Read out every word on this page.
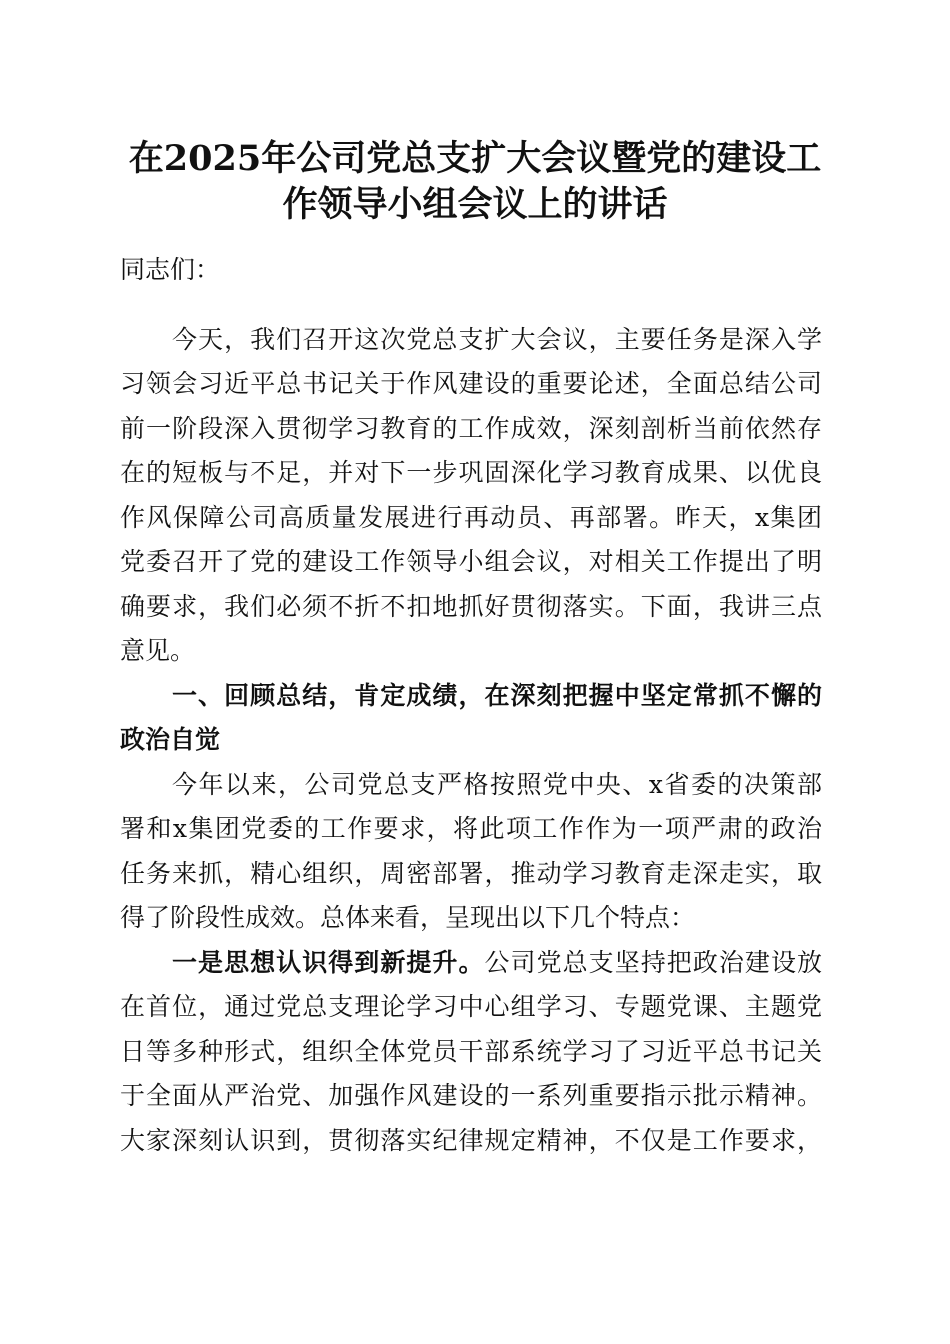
在2025年公司党总支扩大会议暨党的建设工
作领导小组会议上的讲话
同志们：
今天，我们召开这次党总支扩大会议，主要任务是深入学
习领会习近平总书记关于作风建设的重要论述，全面总结公司
前一阶段深入贯彻学习教育的工作成效，深刻剖析当前依然存
在的短板与不足，并对下一步巩固深化学习教育成果、以优良
作风保障公司高质量发展进行再动员、再部署。昨天，x集团
党委召开了党的建设工作领导小组会议，对相关工作提出了明
确要求，我们必须不折不扣地抓好贯彻落实。下面，我讲三点
意见。
一、回顾总结，肯定成绩，在深刻把握中坚定常抓不懈的
政治自觉
今年以来，公司党总支严格按照党中央、x省委的决策部
署和x集团党委的工作要求，将此项工作作为一项严肃的政治
任务来抓，精心组织，周密部署，推动学习教育走深走实，取
得了阶段性成效。总体来看，呈现出以下几个特点：
一是思想认识得到新提升。公司党总支坚持把政治建设放
在首位，通过党总支理论学习中心组学习、专题党课、主题党
日等多种形式，组织全体党员干部系统学习了习近平总书记关
于全面从严治党、加强作风建设的一系列重要指示批示精神。
大家深刻认识到，贯彻落实纪律规定精神，不仅是工作要求，
